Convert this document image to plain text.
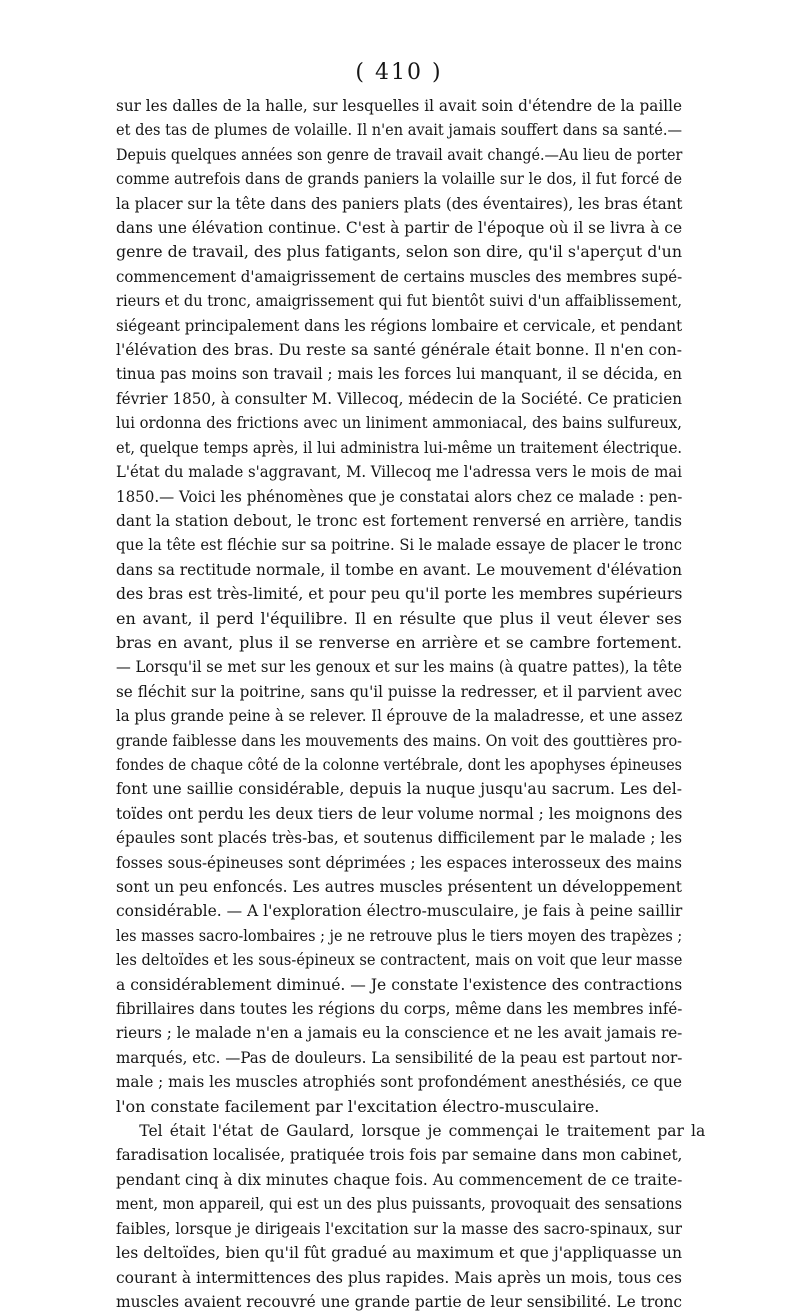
( 410 )

sur les dalles de la halle, sur lesquelles il avait soin d'étendre de la paille
et des tas de plumes de volaille. Il n'en avait jamais souffert dans sa santé.—
Depuis quelques années son genre de travail avait changé.—Au lieu de porter
comme autrefois dans de grands paniers la volaille sur le dos, il fut forcé de
la placer sur la tête dans des paniers plats (des éventaires), les bras étant
dans une élévation continue. C'est à partir de l'époque où il se livra à ce
genre de travail, des plus fatigants, selon son dire, qu'il s'aperçut d'un
commencement d'amaigrissement de certains muscles des membres supé-
rieurs et du tronc, amaigrissement qui fut bientôt suivi d'un affaiblissement,
siégeant principalement dans les régions lombaire et cervicale, et pendant
l'élévation des bras. Du reste sa santé générale était bonne. Il n'en con-
tinua pas moins son travail ; mais les forces lui manquant, il se décida, en
février 1850, à consulter M. Villecoq, médecin de la Société. Ce praticien
lui ordonna des frictions avec un liniment ammoniacal, des bains sulfureux,
et, quelque temps après, il lui administra lui-même un traitement électrique.
L'état du malade s'aggravant, M. Villecoq me l'adressa vers le mois de mai
1850.— Voici les phénomènes que je constatai alors chez ce malade : pen-
dant la station debout, le tronc est fortement renversé en arrière, tandis
que la tête est fléchie sur sa poitrine. Si le malade essaye de placer le tronc
dans sa rectitude normale, il tombe en avant. Le mouvement d'élévation
des bras est très-limité, et pour peu qu'il porte les membres supérieurs
en avant, il perd l'équilibre. Il en résulte que plus il veut élever ses
bras en avant, plus il se renverse en arrière et se cambre fortement.
— Lorsqu'il se met sur les genoux et sur les mains (à quatre pattes), la tête
se fléchit sur la poitrine, sans qu'il puisse la redresser, et il parvient avec
la plus grande peine à se relever. Il éprouve de la maladresse, et une assez
grande faiblesse dans les mouvements des mains. On voit des gouttières pro-
fondes de chaque côté de la colonne vertébrale, dont les apophyses épineuses
font une saillie considérable, depuis la nuque jusqu'au sacrum. Les del-
toïdes ont perdu les deux tiers de leur volume normal ; les moignons des
épaules sont placés très-bas, et soutenus difficilement par le malade ; les
fosses sous-épineuses sont déprimées ; les espaces interosseux des mains
sont un peu enfoncés. Les autres muscles présentent un développement
considérable. — A l'exploration électro-musculaire, je fais à peine saillir
les masses sacro-lombaires ; je ne retrouve plus le tiers moyen des trapèzes ;
les deltoïdes et les sous-épineux se contractent, mais on voit que leur masse
a considérablement diminué. — Je constate l'existence des contractions
fibrillaires dans toutes les régions du corps, même dans les membres infé-
rieurs ; le malade n'en a jamais eu la conscience et ne les avait jamais re-
marqués, etc. —Pas de douleurs. La sensibilité de la peau est partout nor-
male ; mais les muscles atrophiés sont profondément anesthésiés, ce que
l'on constate facilement par l'excitation électro-musculaire.

Tel était l'état de Gaulard, lorsque je commençai le traitement par la
faradisation localisée, pratiquée trois fois par semaine dans mon cabinet,
pendant cinq à dix minutes chaque fois. Au commencement de ce traite-
ment, mon appareil, qui est un des plus puissants, provoquait des sensations
faibles, lorsque je dirigeais l'excitation sur la masse des sacro-spinaux, sur
les deltoïdes, bien qu'il fût gradué au maximum et que j'appliquasse un
courant à intermittences des plus rapides. Mais après un mois, tous ces
muscles avaient recouvré une grande partie de leur sensibilité. Le tronc
